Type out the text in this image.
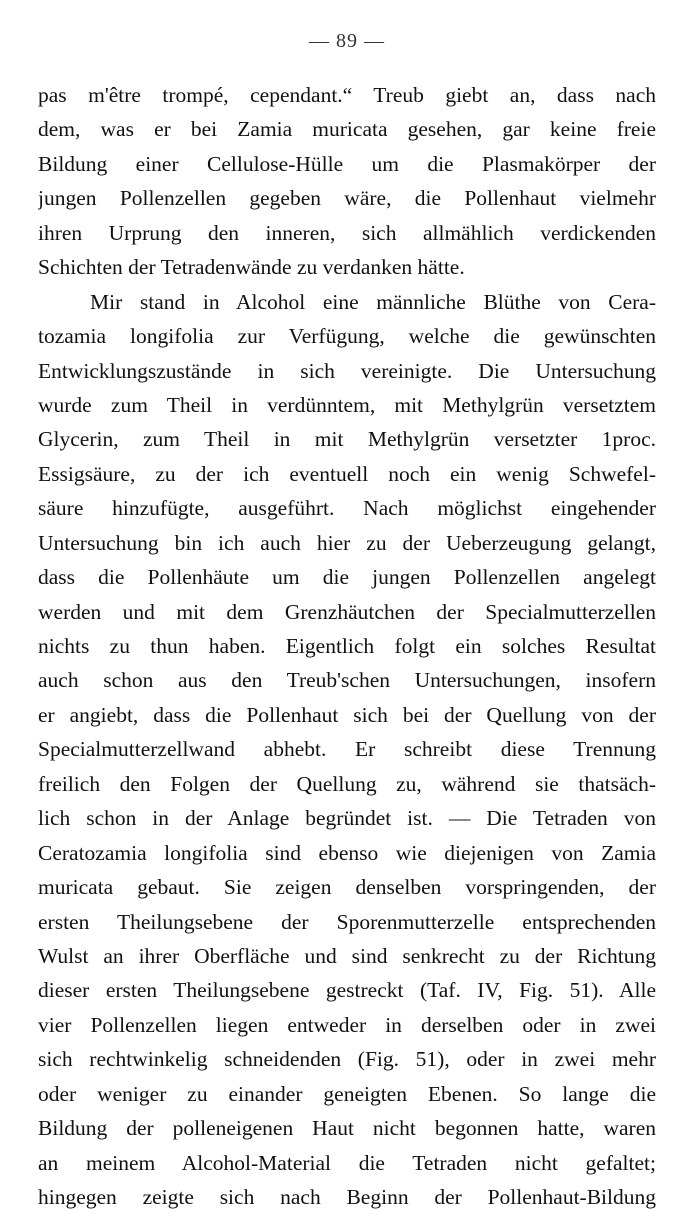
— 89 —
pas m'être trompé, cependant.“ Treub giebt an, dass nach
dem, was er bei Zamia muricata gesehen, gar keine freie
Bildung einer Cellulose-Hülle um die Plasmakörper der
jungen Pollenzellen gegeben wäre, die Pollenhaut vielmehr
ihren Urprung den inneren, sich allmählich verdickenden
Schichten der Tetradenwände zu verdanken hätte.
Mir stand in Alcohol eine männliche Blüthe von Cera-
tozamia longifolia zur Verfügung, welche die gewünschten
Entwicklungszustände in sich vereinigte. Die Untersuchung
wurde zum Theil in verdünntem, mit Methylgrün versetztem
Glycerin, zum Theil in mit Methylgrün versetzter 1proc.
Essigsäure, zu der ich eventuell noch ein wenig Schwefel-
säure hinzufügte, ausgeführt. Nach möglichst eingehender
Untersuchung bin ich auch hier zu der Ueberzeugung gelangt,
dass die Pollenhäute um die jungen Pollenzellen angelegt
werden und mit dem Grenzhäutchen der Specialmutterzellen
nichts zu thun haben. Eigentlich folgt ein solches Resultat
auch schon aus den Treub'schen Untersuchungen, insofern
er angiebt, dass die Pollenhaut sich bei der Quellung von der
Specialmutterzellwand abhebt. Er schreibt diese Trennung
freilich den Folgen der Quellung zu, während sie thatsäch-
lich schon in der Anlage begründet ist. — Die Tetraden von
Ceratozamia longifolia sind ebenso wie diejenigen von Zamia
muricata gebaut. Sie zeigen denselben vorspringenden, der
ersten Theilungsebene der Sporenmutterzelle entsprechenden
Wulst an ihrer Oberfläche und sind senkrecht zu der Richtung
dieser ersten Theilungsebene gestreckt (Taf. IV, Fig. 51). Alle
vier Pollenzellen liegen entweder in derselben oder in zwei
sich rechtwinkelig schneidenden (Fig. 51), oder in zwei mehr
oder weniger zu einander geneigten Ebenen. So lange die
Bildung der polleneigenen Haut nicht begonnen hatte, waren
an meinem Alcohol-Material die Tetraden nicht gefaltet;
hingegen zeigte sich nach Beginn der Pollenhaut-Bildung
